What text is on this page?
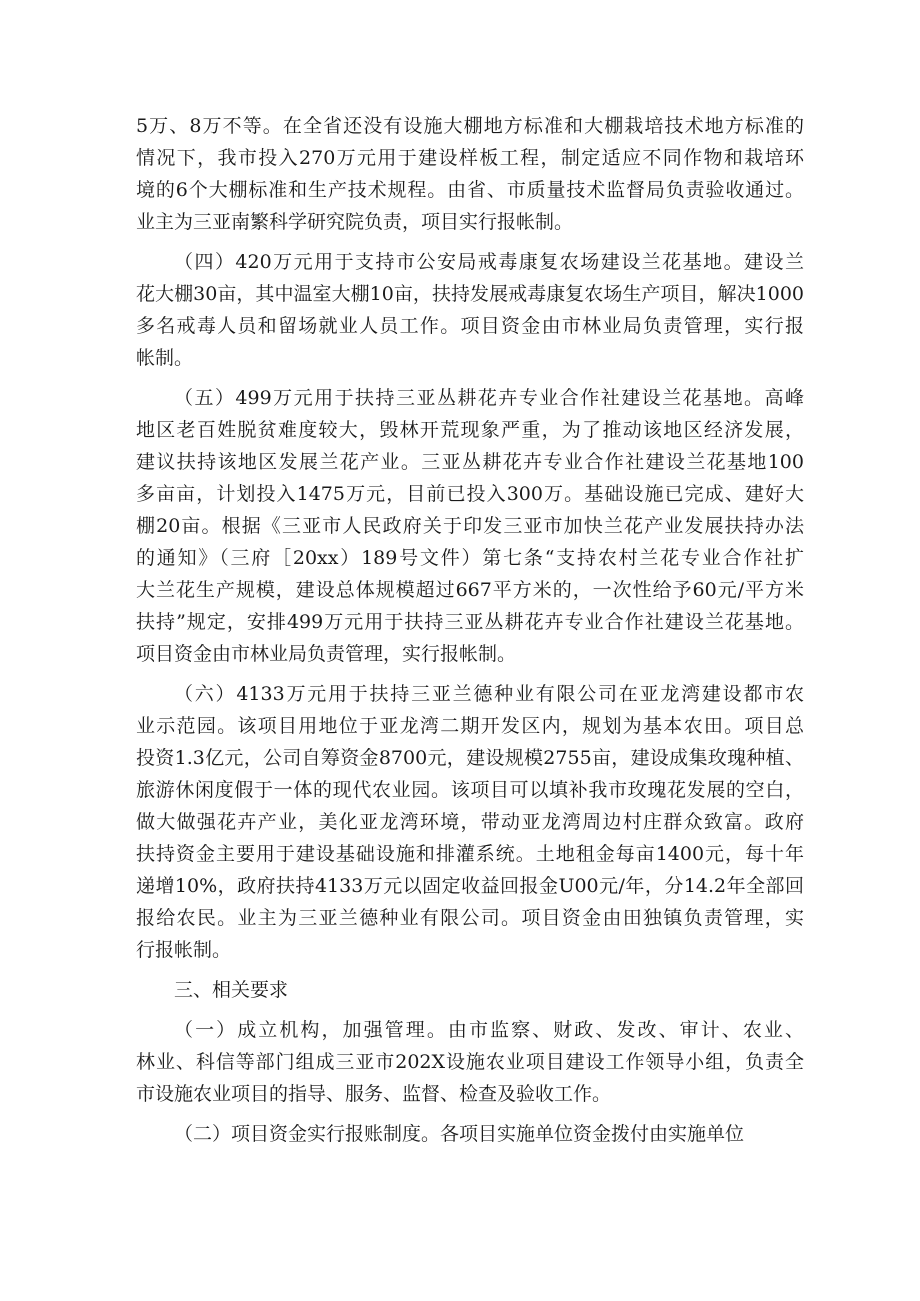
5万、8万不等。在全省还没有设施大棚地方标准和大棚栽培技术地方标准的
情况下，我市投入270万元用于建设样板工程，制定适应不同作物和栽培环
境的6个大棚标准和生产技术规程。由省、市质量技术监督局负责验收通过。
业主为三亚南繁科学研究院负责，项目实行报帐制。
（四）420万元用于支持市公安局戒毒康复农场建设兰花基地。建设兰
花大棚30亩，其中温室大棚10亩，扶持发展戒毒康复农场生产项目，解决1000
多名戒毒人员和留场就业人员工作。项目资金由市林业局负责管理，实行报
帐制。
（五）499万元用于扶持三亚丛耕花卉专业合作社建设兰花基地。高峰
地区老百姓脱贫难度较大，毁林开荒现象严重，为了推动该地区经济发展，
建议扶持该地区发展兰花产业。三亚丛耕花卉专业合作社建设兰花基地100
多亩亩，计划投入1475万元，目前已投入300万。基础设施已完成、建好大
棚20亩。根据《三亚市人民政府关于印发三亚市加快兰花产业发展扶持办法
的通知》（三府［20xx）189号文件）第七条“支持农村兰花专业合作社扩
大兰花生产规模，建设总体规模超过667平方米的，一次性给予60元/平方米
扶持”规定，安排499万元用于扶持三亚丛耕花卉专业合作社建设兰花基地。
项目资金由市林业局负责管理，实行报帐制。
（六）4133万元用于扶持三亚兰德种业有限公司在亚龙湾建设都市农
业示范园。该项目用地位于亚龙湾二期开发区内，规划为基本农田。项目总
投资1.3亿元，公司自筹资金8700元，建设规模2755亩，建设成集玫瑰种植、
旅游休闲度假于一体的现代农业园。该项目可以填补我市玫瑰花发展的空白，
做大做强花卉产业，美化亚龙湾环境，带动亚龙湾周边村庄群众致富。政府
扶持资金主要用于建设基础设施和排灌系统。土地租金每亩1400元，每十年
递增10%，政府扶持4133万元以固定收益回报金U00元/年，分14.2年全部回
报给农民。业主为三亚兰德种业有限公司。项目资金由田独镇负责管理，实
行报帐制。
三、相关要求
（一）成立机构，加强管理。由市监察、财政、发改、审计、农业、
林业、科信等部门组成三亚市202X设施农业项目建设工作领导小组，负责全
市设施农业项目的指导、服务、监督、检查及验收工作。
（二）项目资金实行报账制度。各项目实施单位资金拨付由实施单位
